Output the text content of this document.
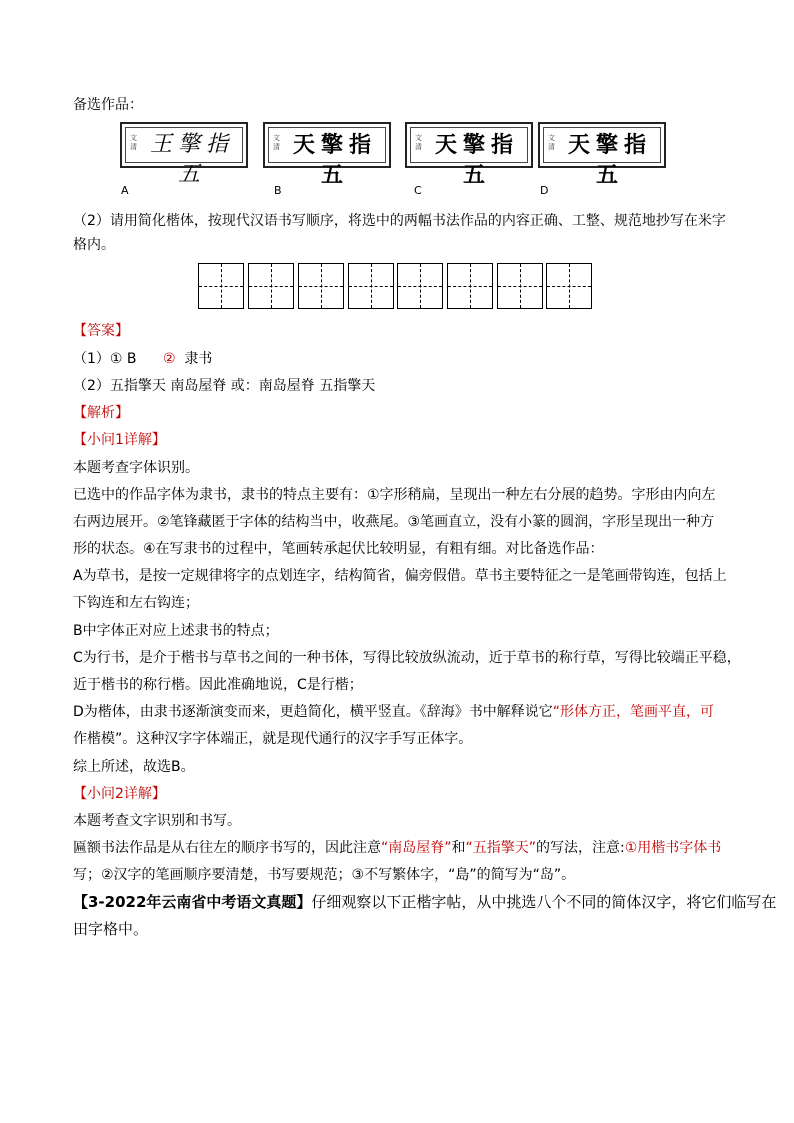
备选作品：
文清 王擎指五
文清 天擎指五
文清 天擎指五
文清 天擎指五
A	B	C	D
（2）请用简化楷体，按现代汉语书写顺序，将选中的两幅书法作品的内容正确、工整、规范地抄写在米字
格内。
【答案】
（1）① B ②  隶书
（2）五指擎天 南岛屋脊 或：南岛屋脊 五指擎天
【解析】
【小问1详解】
本题考查字体识别。
已选中的作品字体为隶书，隶书的特点主要有：①字形稍扁，呈现出一种左右分展的趋势。字形由内向左
右两边展开。②笔锋藏匿于字体的结构当中，收燕尾。③笔画直立，没有小篆的圆润，字形呈现出一种方
形的状态。④在写隶书的过程中，笔画转承起伏比较明显，有粗有细。对比备选作品：
A为草书，是按一定规律将字的点划连字，结构简省，偏旁假借。草书主要特征之一是笔画带钩连，包括上
下钩连和左右钩连；
B中字体正对应上述隶书的特点；
C为行书，是介于楷书与草书之间的一种书体，写得比较放纵流动，近于草书的称行草，写得比较端正平稳，
近于楷书的称行楷。因此准确地说，C是行楷；
D为楷体，由隶书逐渐演变而来，更趋简化，横平竖直。《辞海》书中解释说它“形体方正，笔画平直，可
作楷模”。这种汉字字体端正，就是现代通行的汉字手写正体字。
综上所述，故选B。
【小问2详解】
本题考查文字识别和书写。
匾额书法作品是从右往左的顺序书写的，因此注意“南岛屋脊”和“五指擎天”的写法，注意:①用楷书字体书
写；②汉字的笔画顺序要清楚，书写要规范；③不写繁体字，“島”的简写为“岛”。
【3-2022年云南省中考语文真题】仔细观察以下正楷字帖，从中挑选八个不同的简体汉字，将它们临写在
田字格中。
